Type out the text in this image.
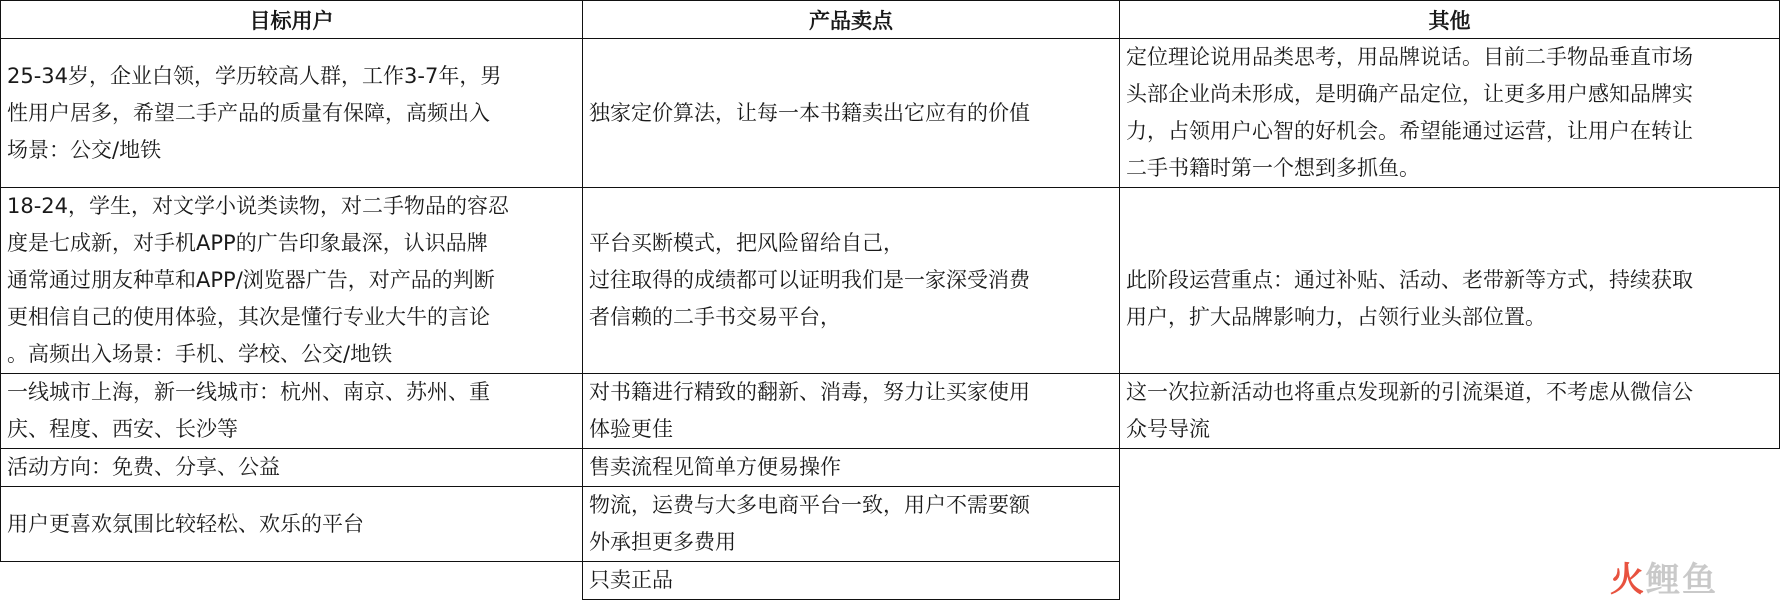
目标用户	产品卖点	其他

25-34岁，企业白领，学历较高人群，工作3-7年，男
性用户居多，希望二手产品的质量有保障，高频出入
场景：公交/地铁	独家定价算法，让每一本书籍卖出它应有的价值	定位理论说用品类思考，用品牌说话。目前二手物品垂直市场
头部企业尚未形成，是明确产品定位，让更多用户感知品牌实
力，占领用户心智的好机会。希望能通过运营，让用户在转让
二手书籍时第一个想到多抓鱼。

18-24，学生，对文学小说类读物，对二手物品的容忍
度是七成新，对手机APP的广告印象最深，认识品牌
通常通过朋友种草和APP/浏览器广告，对产品的判断
更相信自己的使用体验，其次是懂行专业大牛的言论
。高频出入场景：手机、学校、公交/地铁	平台买断模式，把风险留给自己，
过往取得的成绩都可以证明我们是一家深受消费
者信赖的二手书交易平台，	此阶段运营重点：通过补贴、活动、老带新等方式，持续获取
用户，扩大品牌影响力，占领行业头部位置。

一线城市上海，新一线城市：杭州、南京、苏州、重
庆、程度、西安、长沙等	对书籍进行精致的翻新、消毒，努力让买家使用
体验更佳	这一次拉新活动也将重点发现新的引流渠道，不考虑从微信公
众号导流

活动方向：免费、分享、公益	售卖流程见简单方便易操作	

用户更喜欢氛围比较轻松、欢乐的平台	物流，运费与大多电商平台一致，用户不需要额
外承担更多费用	

	只卖正品		火鲤鱼
